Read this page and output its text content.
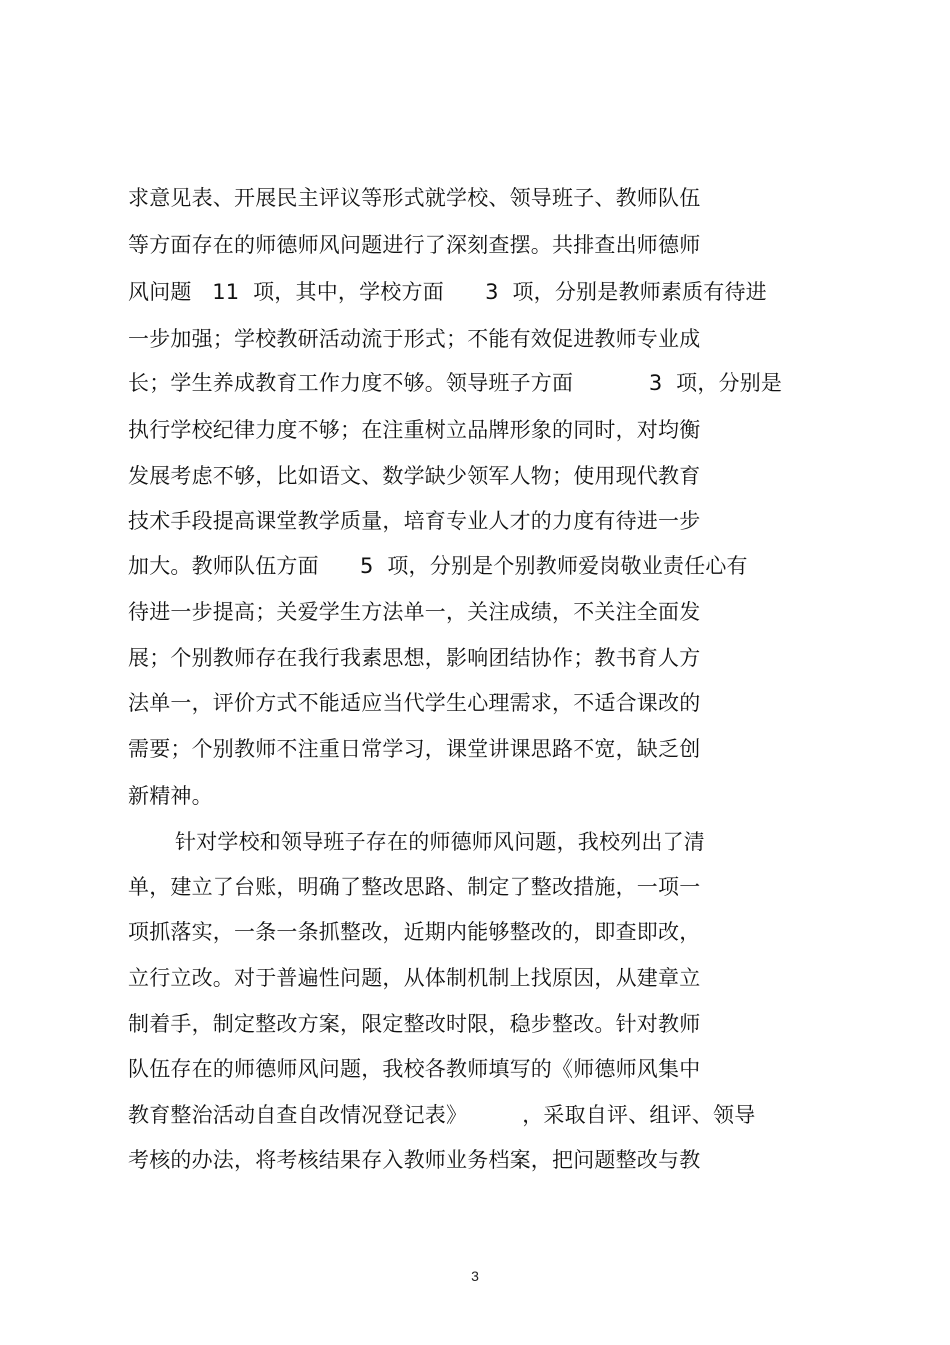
求意见表、开展民主评议等形式就学校、领导班子、教师队伍
等方面存在的师德师风问题进行了深刻查摆。共排查出师德师
风问题   11  项，其中，学校方面      3  项，分别是教师素质有待进
一步加强；学校教研活动流于形式；不能有效促进教师专业成
长；学生养成教育工作力度不够。领导班子方面           3  项，分别是
执行学校纪律力度不够；在注重树立品牌形象的同时，对均衡
发展考虑不够，比如语文、数学缺少领军人物；使用现代教育
技术手段提高课堂教学质量，培育专业人才的力度有待进一步
加大。教师队伍方面      5  项，分别是个别教师爱岗敬业责任心有
待进一步提高；关爱学生方法单一，关注成绩，不关注全面发
展；个别教师存在我行我素思想，影响团结协作；教书育人方
法单一，评价方式不能适应当代学生心理需求，不适合课改的
需要；个别教师不注重日常学习，课堂讲课思路不宽，缺乏创
新精神。
针对学校和领导班子存在的师德师风问题，我校列出了清
单，建立了台账，明确了整改思路、制定了整改措施，一项一
项抓落实，一条一条抓整改，近期内能够整改的，即查即改，
立行立改。对于普遍性问题，从体制机制上找原因，从建章立
制着手，制定整改方案，限定整改时限，稳步整改。针对教师
队伍存在的师德师风问题，我校各教师填写的《师德师风集中
教育整治活动自查自改情况登记表》        ，采取自评、组评、领导
考核的办法，将考核结果存入教师业务档案，把问题整改与教
3
